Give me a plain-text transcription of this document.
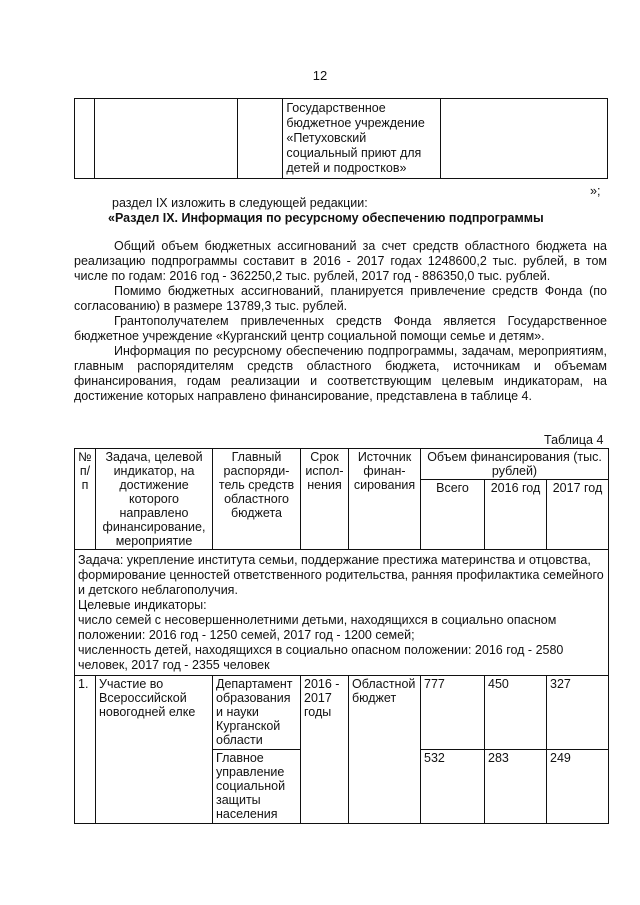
12
			Государственное бюджетное учреждение «Петуховский социальный приют для детей и подростков»	
»;
раздел IX изложить в следующей редакции:
«Раздел IX. Информация по ресурсному обеспечению подпрограммы

Общий объем бюджетных ассигнований за счет средств областного бюджета на реализацию подпрограммы составит в 2016 - 2017 годах 1248600,2 тыс. рублей, в том числе по годам: 2016 год - 362250,2 тыс. рублей, 2017 год - 886350,0 тыс. рублей.

Помимо бюджетных ассигнований, планируется привлечение средств Фонда (по согласованию) в размере 13789,3 тыс. рублей.

Грантополучателем привлеченных средств Фонда является Государственное бюджетное учреждение «Курганский центр социальной помощи семье и детям».

Информация по ресурсному обеспечению подпрограммы, задачам, мероприятиям, главным распорядителям средств областного бюджета, источникам и объемам финансирования, годам реализации и соответствующим целевым индикаторам, на достижение которых направлено финансирование, представлена в таблице 4.

Таблица 4
№ п/п	Задача, целевой индикатор, на достижение которого направлено финансирование, мероприятие	Главный распоряди-тель средств областного бюджета	Срок испол-нения	Источник финан-сирования	Объем финансирования (тыс. рублей)		
					Всего	2016 год	2017 год

Задача: укрепление института семьи, поддержание престижа материнства и отцовства, формирование ценностей ответственного родительства, ранняя профилактика семейного и детского неблагополучия.
Целевые индикаторы:
число семей с несовершеннолетними детьми, находящихся в социально опасном положении: 2016 год - 1250 семей, 2017 год - 1200 семей;
численность детей, находящихся в социально опасном положении: 2016 год - 2580 человек, 2017 год - 2355 человек							

1.	Участие во Всероссийской новогодней елке	Департамент образования и науки Курганской области	2016 - 2017 годы	Областной бюджет	777	450	327
		Главное управление социальной защиты населения			532	283	249
